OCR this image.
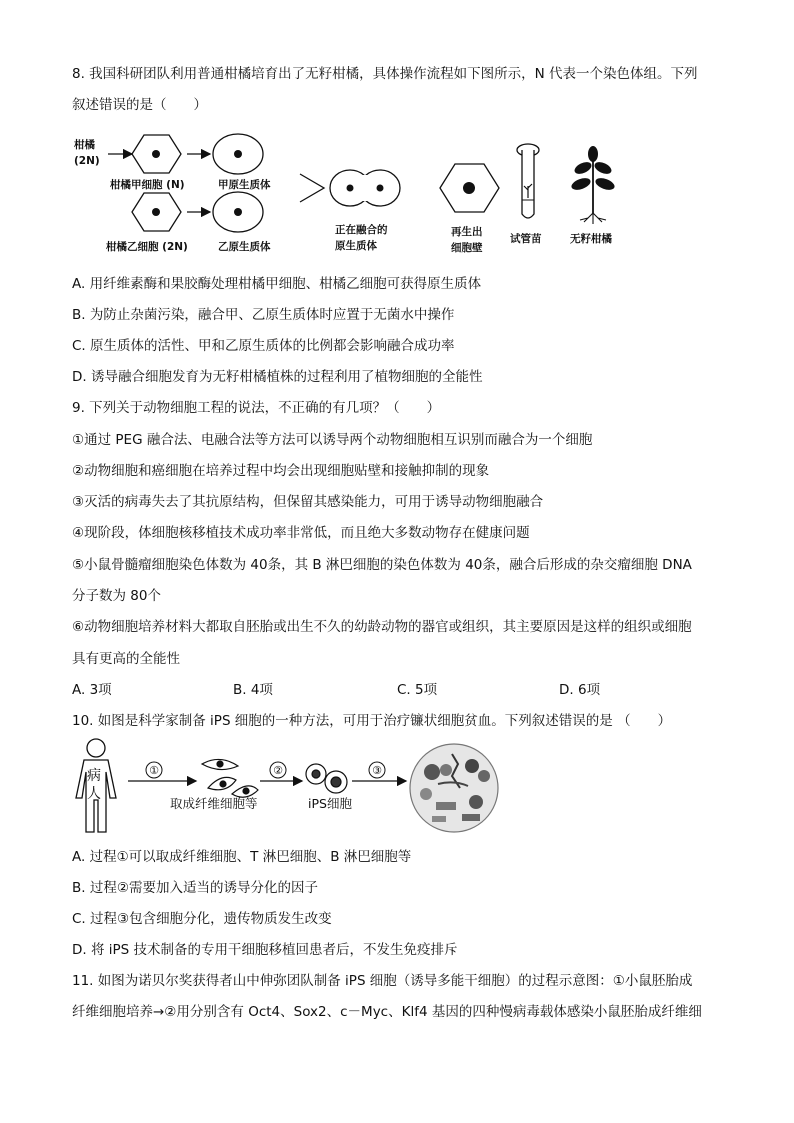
8. 我国科研团队利用普通柑橘培育出了无籽柑橘，具体操作流程如下图所示，N 代表一个染色体组。下列
叙述错误的是（　　）
柑橘
(2N)
柑橘甲细胞 (N)	甲原生质体
柑橘乙细胞 (2N)	乙原生质体
正在融合的
原生质体
再生出
细胞壁
试管苗	无籽柑橘
A. 用纤维素酶和果胶酶处理柑橘甲细胞、柑橘乙细胞可获得原生质体
B. 为防止杂菌污染，融合甲、乙原生质体时应置于无菌水中操作
C. 原生质体的活性、甲和乙原生质体的比例都会影响融合成功率
D. 诱导融合细胞发育为无籽柑橘植株的过程利用了植物细胞的全能性
9. 下列关于动物细胞工程的说法，不正确的有几项？（　　）
①通过 PEG 融合法、电融合法等方法可以诱导两个动物细胞相互识别而融合为一个细胞
②动物细胞和癌细胞在培养过程中均会出现细胞贴壁和接触抑制的现象
③灭活的病毒失去了其抗原结构，但保留其感染能力，可用于诱导动物细胞融合
④现阶段，体细胞核移植技术成功率非常低，而且绝大多数动物存在健康问题
⑤小鼠骨髓瘤细胞染色体数为 40条，其 B 淋巴细胞的染色体数为 40条，融合后形成的杂交瘤细胞 DNA
分子数为 80个
⑥动物细胞培养材料大都取自胚胎或出生不久的幼龄动物的器官或组织，其主要原因是这样的组织或细胞
具有更高的全能性
A. 3项	B. 4项	C. 5项	D. 6项
10. 如图是科学家制备 iPS 细胞的一种方法，可用于治疗镰状细胞贫血。下列叙述错误的是 （　　）
病
人
①
取成纤维细胞等
②
iPS细胞
③
A. 过程①可以取成纤维细胞、T 淋巴细胞、B 淋巴细胞等
B. 过程②需要加入适当的诱导分化的因子
C. 过程③包含细胞分化，遗传物质发生改变
D. 将 iPS 技术制备的专用干细胞移植回患者后，不发生免疫排斥
11. 如图为诺贝尔奖获得者山中伸弥团队制备 iPS 细胞（诱导多能干细胞）的过程示意图：①小鼠胚胎成
纤维细胞培养→②用分别含有 Oct4、Sox2、c－Myc、Klf4 基因的四种慢病毒载体感染小鼠胚胎成纤维细
